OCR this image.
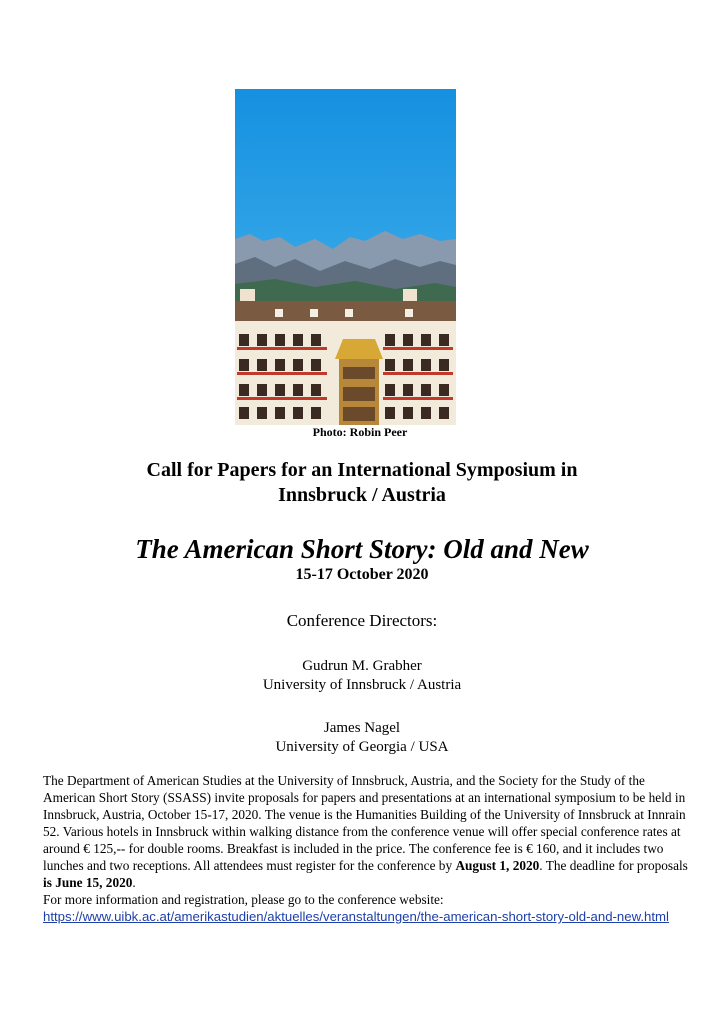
Photo: Robin Peer
Call for Papers for an International Symposium in
Innsbruck / Austria
The American Short Story: Old and New
15-17 October 2020
Conference Directors:
Gudrun M. Grabher
University of Innsbruck / Austria
James Nagel
University of Georgia / USA
The Department of American Studies at the University of Innsbruck, Austria, and the Society for the Study of the American Short Story (SSASS) invite proposals for papers and presentations at an international symposium to be held in Innsbruck, Austria, October 15-17, 2020. The venue is the Humanities Building of the University of Innsbruck at Innrain 52. Various hotels in Innsbruck within walking distance from the conference venue will offer special conference rates at around € 125,-- for double rooms. Breakfast is included in the price. The conference fee is € 160, and it includes two lunches and two receptions. All attendees must register for the conference by August 1, 2020. The deadline for proposals is June 15, 2020.
For more information and registration, please go to the conference website:
https://www.uibk.ac.at/amerikastudien/aktuelles/veranstaltungen/the-american-short-story-old-and-new.html
